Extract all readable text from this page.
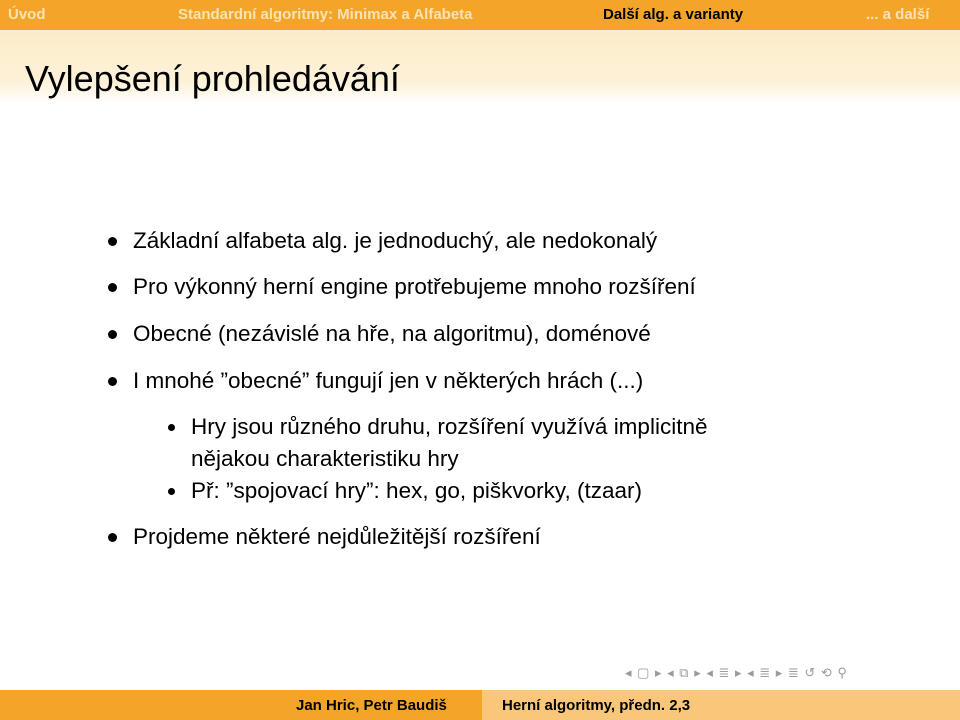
Úvod	Standardní algoritmy: Minimax a Alfabeta	Další alg. a varianty	... a další
Vylepšení prohledávání
Základní alfabeta alg. je jednoduchý, ale nedokonalý
Pro výkonný herní engine protřebujeme mnoho rozšíření
Obecné (nezávislé na hře, na algoritmu), doménové
I mnohé ”obecné” fungují jen v některých hrách (...)
Hry jsou různého druhu, rozšíření využívá implicitně
nějakou charakteristiku hry
Př: ”spojovací hry”: hex, go, piškvorky, (tzaar)
Projdeme některé nejdůležitější rozšíření
◂ ▢ ▸ ◂ ⧉ ▸ ◂ ≣ ▸ ◂ ≣ ▸ ≣ ↺ ⟲ ⚲
Jan Hric, Petr Baudiš	Herní algoritmy, předn. 2,3
